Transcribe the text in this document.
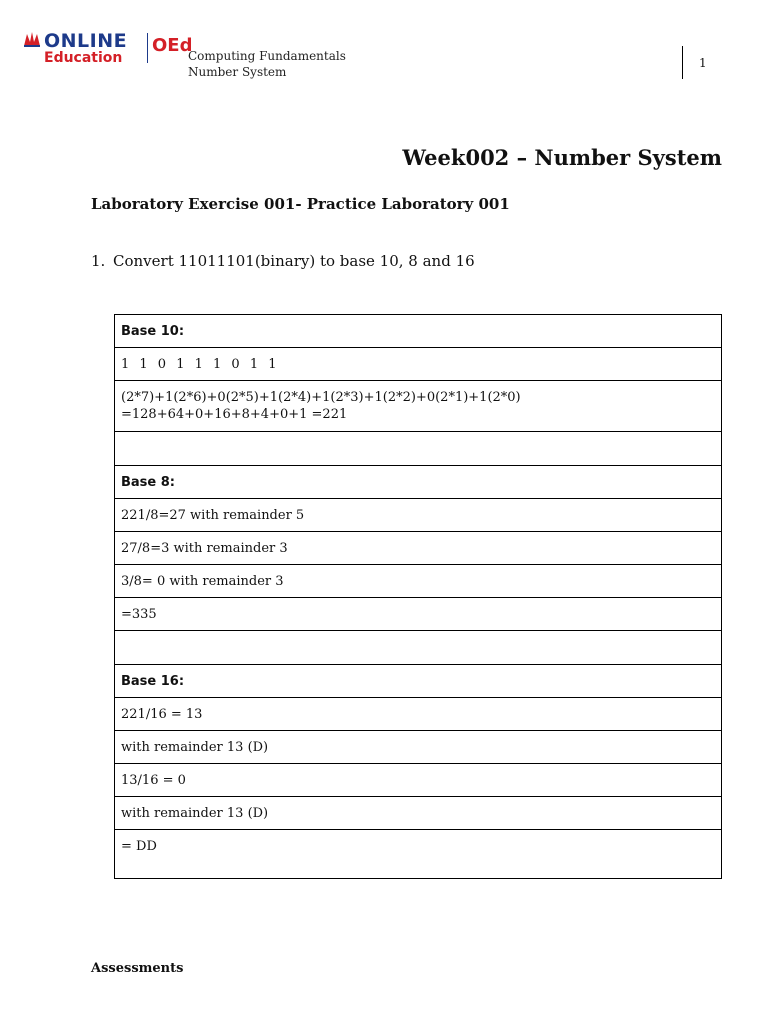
ONLINE
Education
OEd
Computing Fundamentals
Number System
1
Week002 – Number System
Laboratory Exercise 001- Practice Laboratory 001
1. Convert 11011101(binary) to base 10, 8 and 16
Base 10:
1 1 0 1 1 1 0 1 1

(2*7)+1(2*6)+0(2*5)+1(2*4)+1(2*3)+1(2*2)+0(2*1)+1(2*0)
=128+64+0+16+8+4+0+1 =221

Base 8:
221/8=27 with remainder 5
27/8=3 with remainder 3
3/8= 0 with remainder 3
=335

Base 16:
221/16 = 13
with remainder 13 (D)
13/16 = 0
with remainder 13 (D)
= DD
Assessments
